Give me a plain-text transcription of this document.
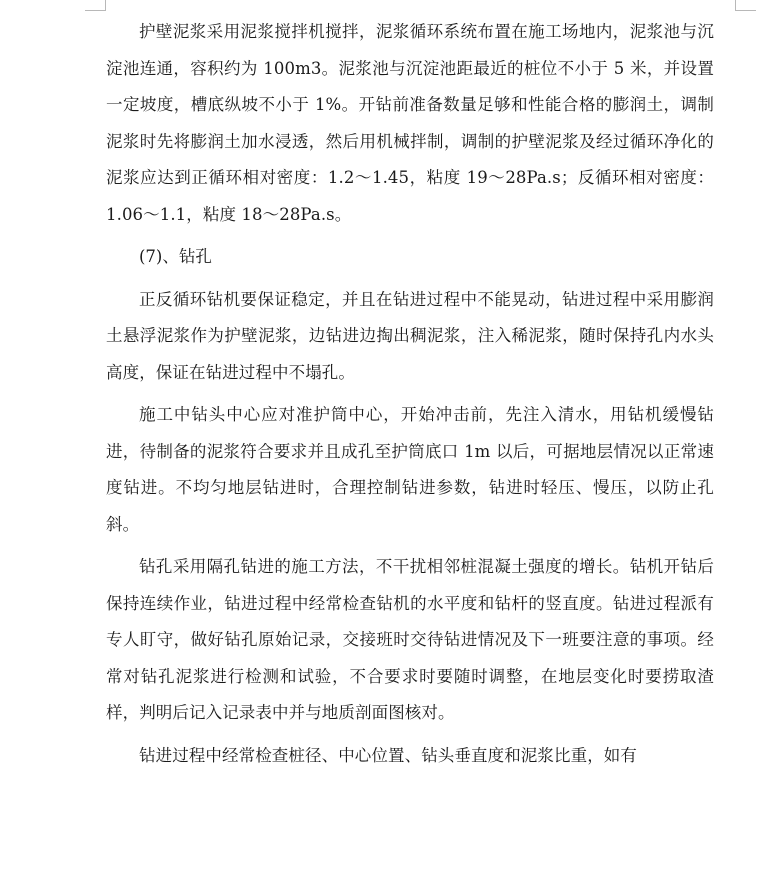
护壁泥浆采用泥浆搅拌机搅拌，泥浆循环系统布置在施工场地内，泥浆池与沉淀池连通，容积约为 100m3。泥浆池与沉淀池距最近的桩位不小于 5 米，并设置一定坡度，槽底纵坡不小于 1%。开钻前准备数量足够和性能合格的膨润土，调制泥浆时先将膨润土加水浸透，然后用机械拌制，调制的护壁泥浆及经过循环净化的泥浆应达到正循环相对密度：1.2～1.45，粘度 19～28Pa.s；反循环相对密度：1.06～1.1，粘度 18～28Pa.s。

(7)、钻孔

正反循环钻机要保证稳定，并且在钻进过程中不能晃动，钻进过程中采用膨润土悬浮泥浆作为护壁泥浆，边钻进边掏出稠泥浆，注入稀泥浆，随时保持孔内水头高度，保证在钻进过程中不塌孔。

施工中钻头中心应对准护筒中心，开始冲击前，先注入清水，用钻机缓慢钻进，待制备的泥浆符合要求并且成孔至护筒底口 1m 以后，可据地层情况以正常速度钻进。不均匀地层钻进时，合理控制钻进参数，钻进时轻压、慢压，以防止孔斜。

钻孔采用隔孔钻进的施工方法，不干扰相邻桩混凝土强度的增长。钻机开钻后保持连续作业，钻进过程中经常检查钻机的水平度和钻杆的竖直度。钻进过程派有专人盯守，做好钻孔原始记录，交接班时交待钻进情况及下一班要注意的事项。经常对钻孔泥浆进行检测和试验，不合要求时要随时调整，在地层变化时要捞取渣样，判明后记入记录表中并与地质剖面图核对。

钻进过程中经常检查桩径、中心位置、钻头垂直度和泥浆比重，如有
